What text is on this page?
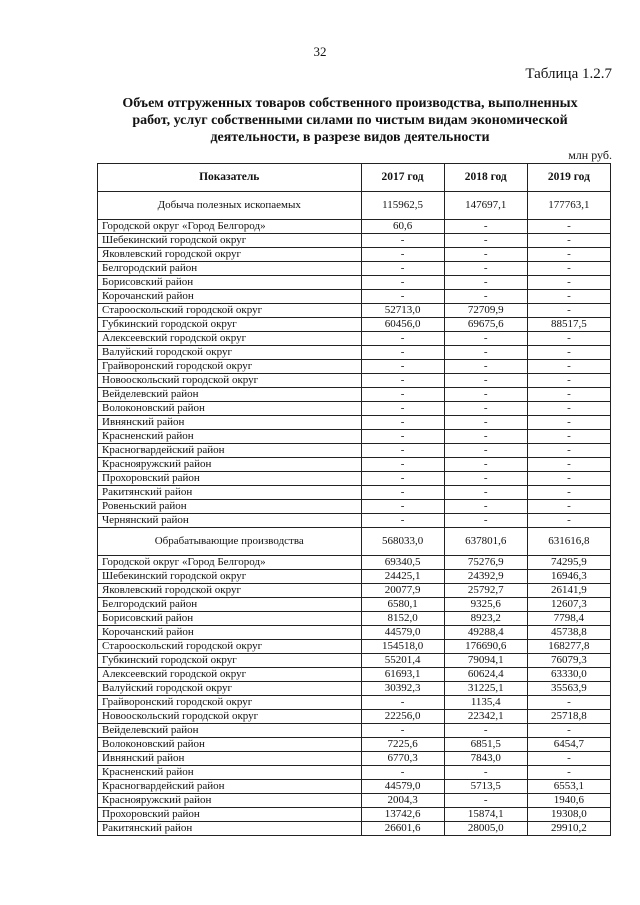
32
Таблица 1.2.7
Объем отгруженных товаров собственного производства, выполненных
работ, услуг собственными силами по чистым видам экономической
деятельности, в разрезе видов деятельности
млн руб.
Показатель	2017 год	2018 год	2019 год
Добыча полезных ископаемых	115962,5	147697,1	177763,1
Городской округ «Город Белгород»	60,6	-	-
Шебекинский городской округ	-	-	-
Яковлевский городской округ	-	-	-
Белгородский район	-	-	-
Борисовский район	-	-	-
Корочанский район	-	-	-
Старооскольский городской округ	52713,0	72709,9	-
Губкинский городской округ	60456,0	69675,6	88517,5
Алексеевский городской округ	-	-	-
Валуйский городской округ	-	-	-
Грайворонский городской округ	-	-	-
Новооскольский городской округ	-	-	-
Вейделевский район	-	-	-
Волоконовский район	-	-	-
Ивнянский район	-	-	-
Красненский район	-	-	-
Красногвардейский район	-	-	-
Краснояружский район	-	-	-
Прохоровский район	-	-	-
Ракитянский район	-	-	-
Ровеньский район	-	-	-
Чернянский район	-	-	-
Обрабатывающие производства	568033,0	637801,6	631616,8
Городской округ «Город Белгород»	69340,5	75276,9	74295,9
Шебекинский городской округ	24425,1	24392,9	16946,3
Яковлевский городской округ	20077,9	25792,7	26141,9
Белгородский район	6580,1	9325,6	12607,3
Борисовский район	8152,0	8923,2	7798,4
Корочанский район	44579,0	49288,4	45738,8
Старооскольский городской округ	154518,0	176690,6	168277,8
Губкинский городской округ	55201,4	79094,1	76079,3
Алексеевский городской округ	61693,1	60624,4	63330,0
Валуйский городской округ	30392,3	31225,1	35563,9
Грайворонский городской округ	-	1135,4	-
Новооскольский городской округ	22256,0	22342,1	25718,8
Вейделевский район	-	-	-
Волоконовский район	7225,6	6851,5	6454,7
Ивнянский район	6770,3	7843,0	-
Красненский район	-	-	-
Красногвардейский район	44579,0	5713,5	6553,1
Краснояружский район	2004,3	-	1940,6
Прохоровский район	13742,6	15874,1	19308,0
Ракитянский район	26601,6	28005,0	29910,2
